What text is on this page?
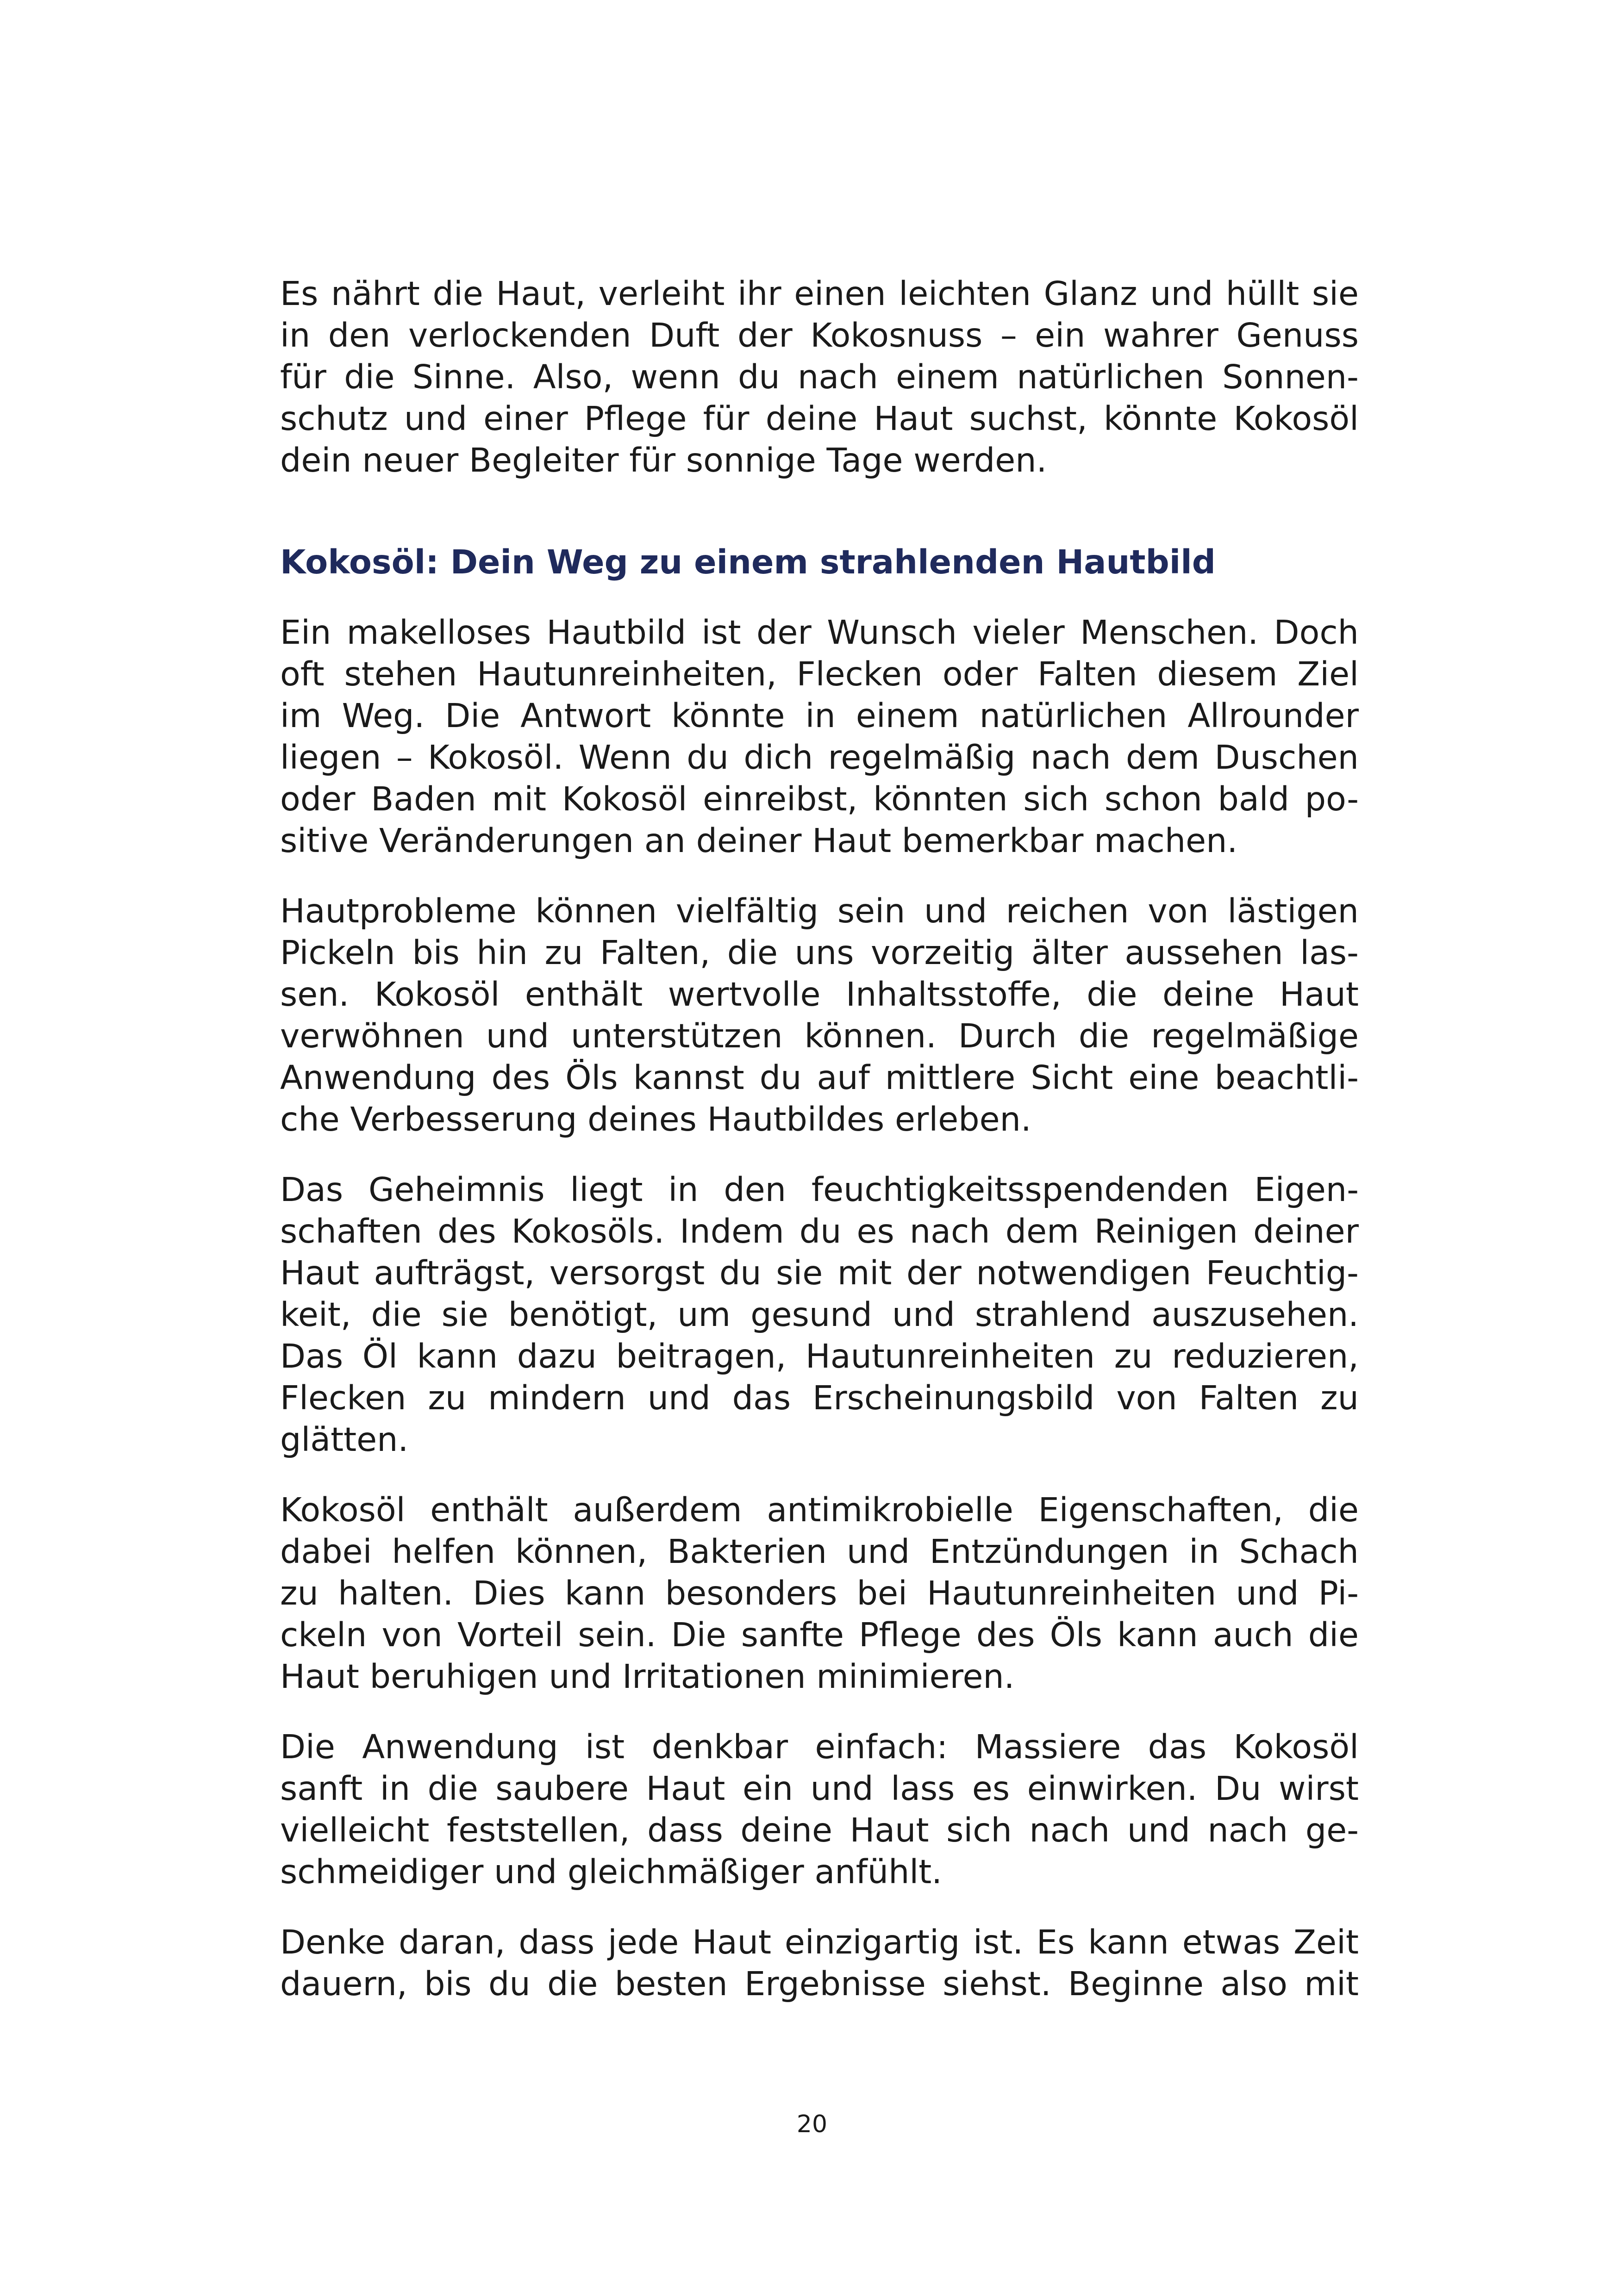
Es nährt die Haut, verleiht ihr einen leichten Glanz und hüllt sie
in den verlockenden Duft der Kokosnuss – ein wahrer Genuss
für die Sinne. Also, wenn du nach einem natürlichen Sonnen-
schutz und einer Pflege für deine Haut suchst, könnte Kokosöl
dein neuer Begleiter für sonnige Tage werden.
Kokosöl: Dein Weg zu einem strahlenden Hautbild
Ein makelloses Hautbild ist der Wunsch vieler Menschen. Doch
oft stehen Hautunreinheiten, Flecken oder Falten diesem Ziel
im Weg. Die Antwort könnte in einem natürlichen Allrounder
liegen – Kokosöl. Wenn du dich regelmäßig nach dem Duschen
oder Baden mit Kokosöl einreibst, könnten sich schon bald po-
sitive Veränderungen an deiner Haut bemerkbar machen.
Hautprobleme können vielfältig sein und reichen von lästigen
Pickeln bis hin zu Falten, die uns vorzeitig älter aussehen las-
sen. Kokosöl enthält wertvolle Inhaltsstoffe, die deine Haut
verwöhnen und unterstützen können. Durch die regelmäßige
Anwendung des Öls kannst du auf mittlere Sicht eine beachtli-
che Verbesserung deines Hautbildes erleben.
Das Geheimnis liegt in den feuchtigkeitsspendenden Eigen-
schaften des Kokosöls. Indem du es nach dem Reinigen deiner
Haut aufträgst, versorgst du sie mit der notwendigen Feuchtig-
keit, die sie benötigt, um gesund und strahlend auszusehen.
Das Öl kann dazu beitragen, Hautunreinheiten zu reduzieren,
Flecken zu mindern und das Erscheinungsbild von Falten zu
glätten.
Kokosöl enthält außerdem antimikrobielle Eigenschaften, die
dabei helfen können, Bakterien und Entzündungen in Schach
zu halten. Dies kann besonders bei Hautunreinheiten und Pi-
ckeln von Vorteil sein. Die sanfte Pflege des Öls kann auch die
Haut beruhigen und Irritationen minimieren.
Die Anwendung ist denkbar einfach: Massiere das Kokosöl
sanft in die saubere Haut ein und lass es einwirken. Du wirst
vielleicht feststellen, dass deine Haut sich nach und nach ge-
schmeidiger und gleichmäßiger anfühlt.
Denke daran, dass jede Haut einzigartig ist. Es kann etwas Zeit
dauern, bis du die besten Ergebnisse siehst. Beginne also mit
20
